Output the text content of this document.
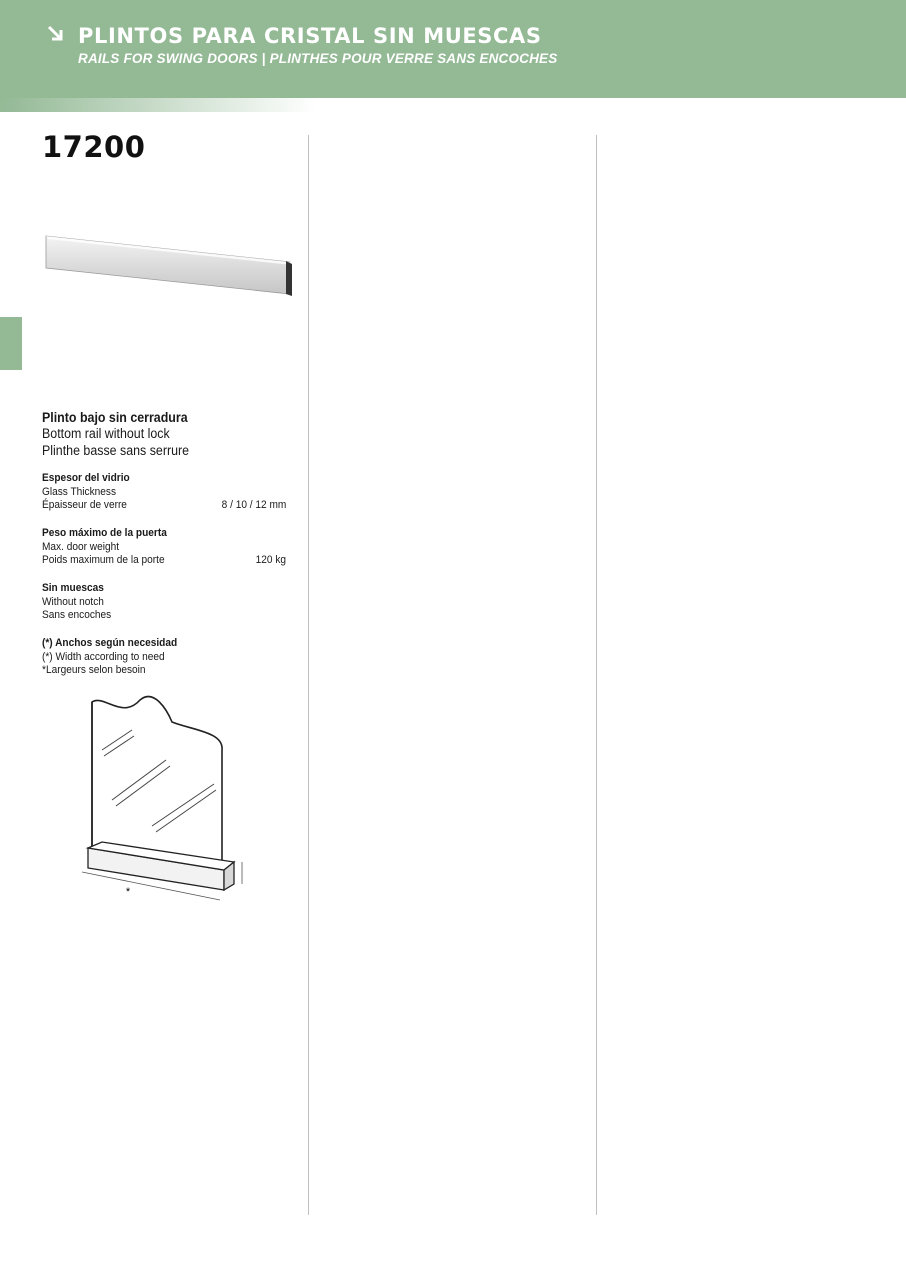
PLINTOS PARA CRISTAL SIN MUESCAS
RAILS FOR SWING DOORS | PLINTHES POUR VERRE SANS ENCOCHES
17200
Plinto bajo sin cerradura
Bottom rail without lock
Plinthe basse sans serrure
Espesor del vidrio
Glass Thickness
Épaisseur de verre	8 / 10 / 12 mm
Peso máximo de la puerta
Max. door weight
Poids maximum de la porte	120 kg
Sin muescas
Without notch
Sans encoches
(*) Anchos según necesidad
(*) Width according to need
*Largeurs selon besoin
*
